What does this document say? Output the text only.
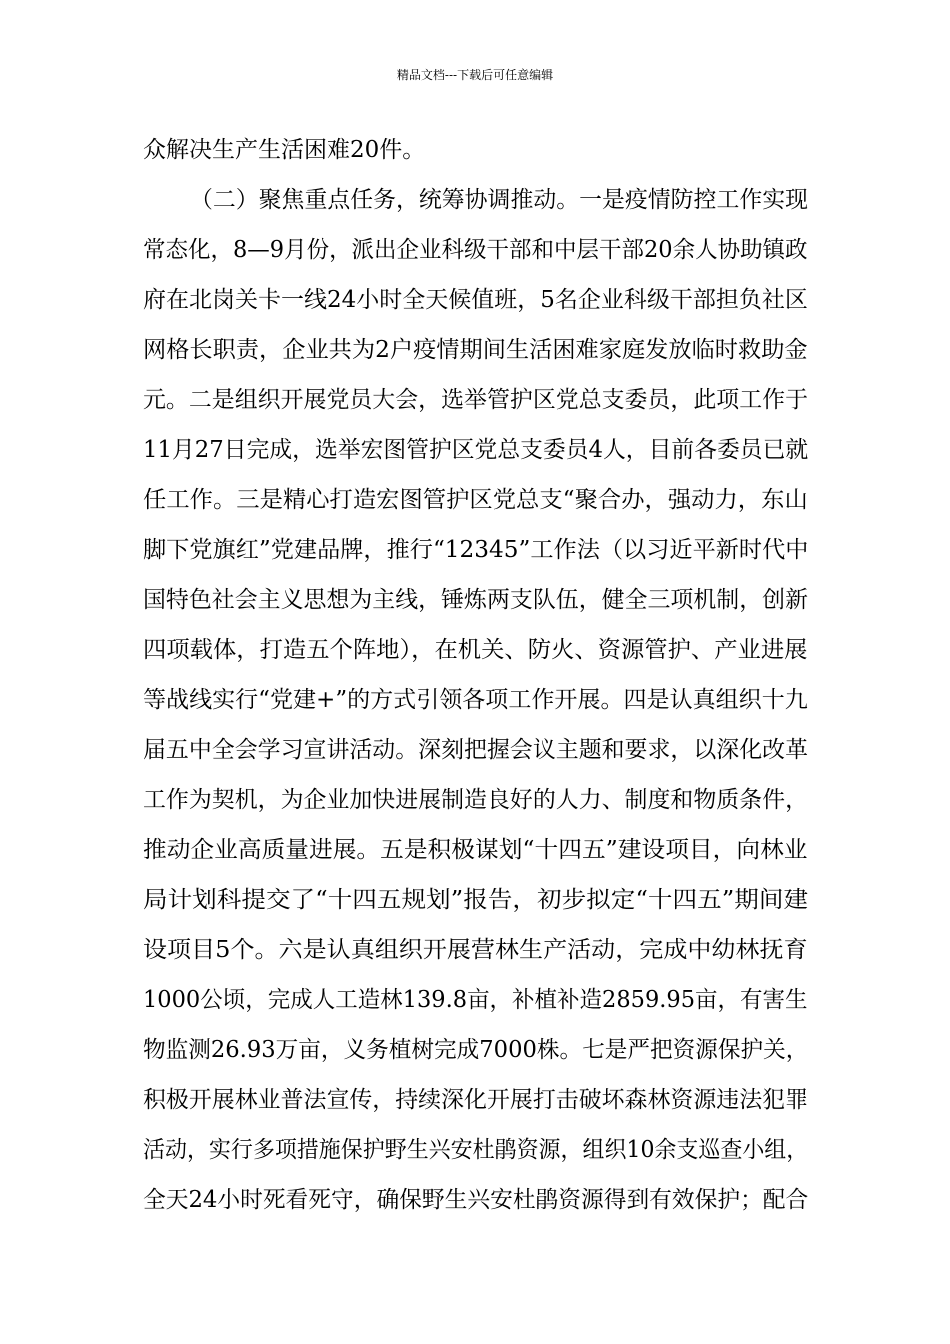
精品文档---下载后可任意编辑
众解决生产生活困难20件。
（二）聚焦重点任务，统筹协调推动。一是疫情防控工作实现
常态化，8—9月份，派出企业科级干部和中层干部20余人协助镇政
府在北岗关卡一线24小时全天候值班，5名企业科级干部担负社区
网格长职责，企业共为2户疫情期间生活困难家庭发放临时救助金
元。二是组织开展党员大会，选举管护区党总支委员，此项工作于
11月27日完成，选举宏图管护区党总支委员4人，目前各委员已就
任工作。三是精心打造宏图管护区党总支“聚合办，强动力，东山
脚下党旗红”党建品牌，推行“12345”工作法（以习近平新时代中
国特色社会主义思想为主线，锤炼两支队伍，健全三项机制，创新
四项载体，打造五个阵地），在机关、防火、资源管护、产业进展
等战线实行“党建+”的方式引领各项工作开展。四是认真组织十九
届五中全会学习宣讲活动。深刻把握会议主题和要求，以深化改革
工作为契机，为企业加快进展制造良好的人力、制度和物质条件，
推动企业高质量进展。五是积极谋划“十四五”建设项目，向林业
局计划科提交了“十四五规划”报告，初步拟定“十四五”期间建
设项目5个。六是认真组织开展营林生产活动，完成中幼林抚育
1000公顷，完成人工造林139.8亩，补植补造2859.95亩，有害生
物监测26.93万亩，义务植树完成7000株。七是严把资源保护关，
积极开展林业普法宣传，持续深化开展打击破坏森林资源违法犯罪
活动，实行多项措施保护野生兴安杜鹃资源，组织10余支巡查小组，
全天24小时死看死守，确保野生兴安杜鹃资源得到有效保护；配合
